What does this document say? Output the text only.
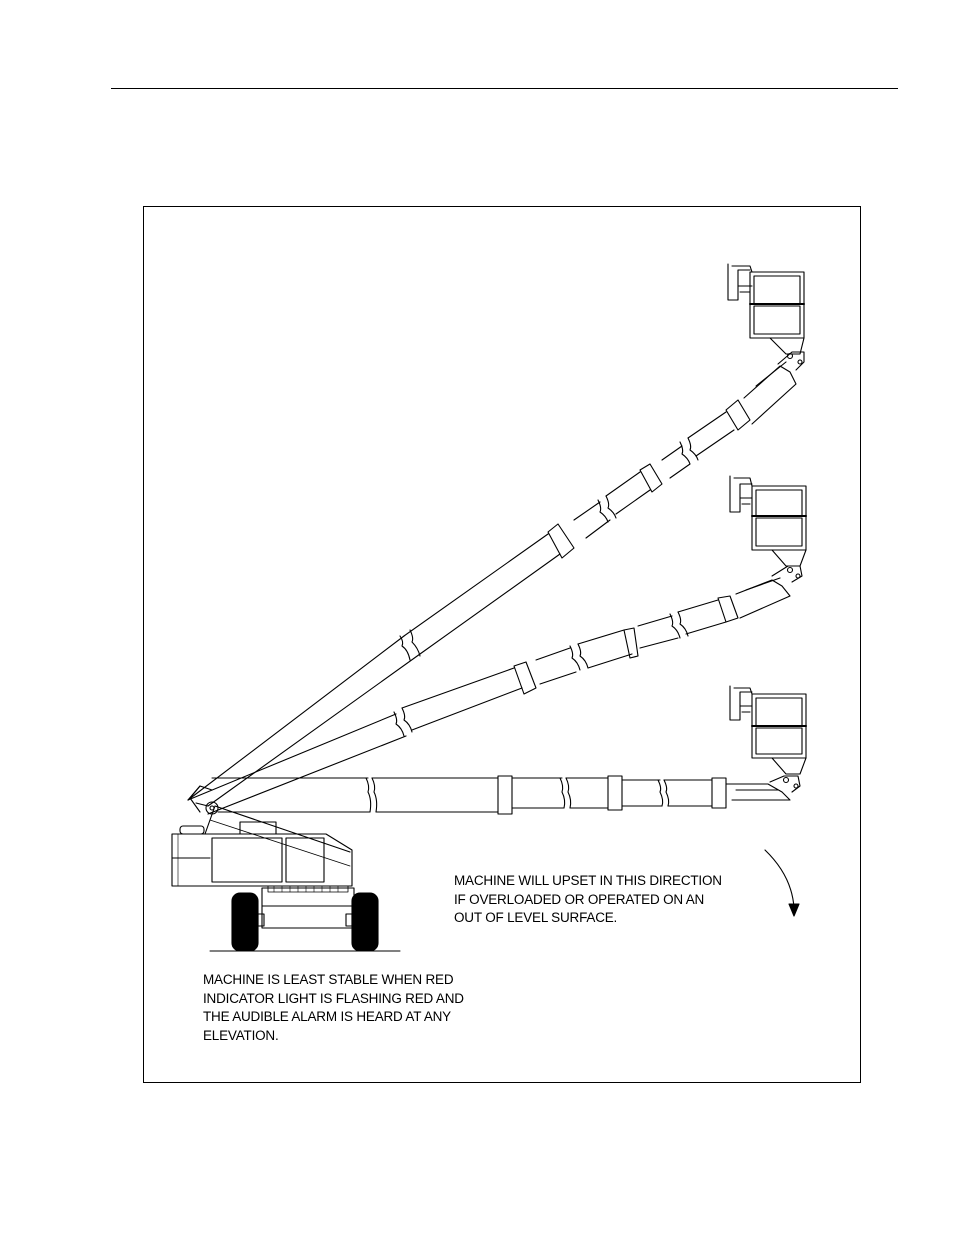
MACHINE WILL UPSET IN THIS DIRECTION
IF OVERLOADED OR OPERATED ON AN
OUT OF LEVEL SURFACE.
MACHINE IS LEAST STABLE WHEN RED
INDICATOR LIGHT IS FLASHING RED AND
THE AUDIBLE ALARM IS HEARD AT ANY
ELEVATION.
